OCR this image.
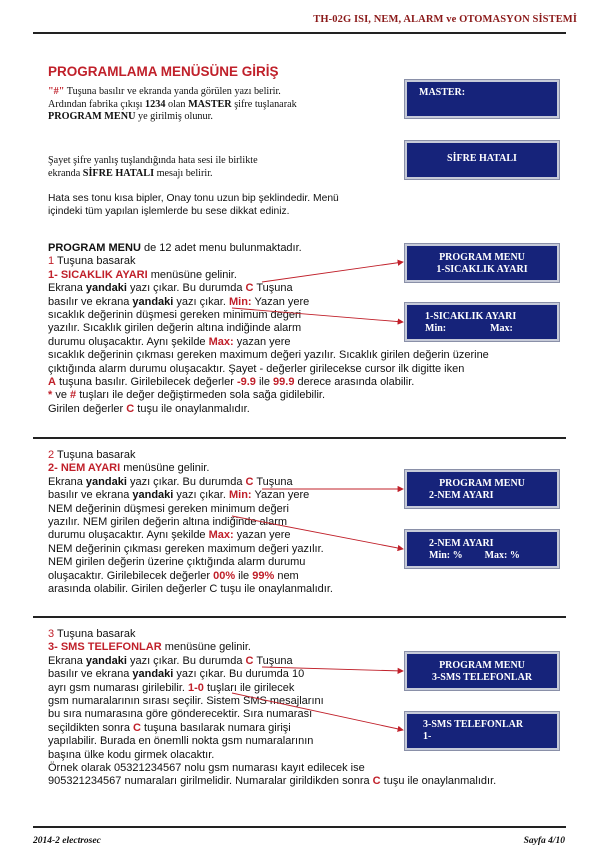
TH-02G ISI, NEM, ALARM ve OTOMASYON SİSTEMİ
PROGRAMLAMA MENÜSÜNE GİRİŞ
"#" Tuşuna basılır ve ekranda yanda görülen yazı belirir.
Ardından fabrika çıkışı 1234 olan MASTER şifre tuşlanarak
PROGRAM MENU ye girilmiş olunur.
Şayet şifre yanlış tuşlandığında hata sesi ile birlikte
ekranda SİFRE HATALI mesajı belirir.
Hata ses tonu kısa bipler, Onay tonu uzun bip şeklindedir. Menü
içindeki tüm yapılan işlemlerde bu sese dikkat ediniz.
MASTER:
SİFRE HATALI
PROGRAM MENU
1-SICAKLIK AYARI
1-SICAKLIK AYARI
Min:	Max:
PROGRAM MENU
2-NEM AYARI
2-NEM AYARI
Min: % Max: %
PROGRAM MENU
3-SMS TELEFONLAR
3-SMS TELEFONLAR
1-
PROGRAM MENU de 12 adet menu bulunmaktadır.
1 Tuşuna basarak
1- SICAKLIK AYARI menüsüne gelinir.
Ekrana yandaki yazı çıkar. Bu durumda C Tuşuna
basılır ve ekrana yandaki yazı çıkar. Min: Yazan yere
sıcaklık değerinin düşmesi gereken minimum değeri
yazılır. Sıcaklık girilen değerin altına indiğinde alarm
durumu oluşacaktır. Aynı şekilde Max: yazan yere
sıcaklık değerinin çıkması gereken maximum değeri yazılır. Sıcaklık girilen değerin üzerine
çıktığında alarm durumu oluşacaktır. Şayet - değerler girilecekse cursor ilk digitte iken
A tuşuna basılır. Girilebilecek değerler -9.9 ile 99.9 derece arasında olabilir.
* ve # tuşları ile değer değiştirmeden sola sağa gidilebilir.
Girilen değerler C tuşu ile onaylanmalıdır.
2 Tuşuna basarak
2- NEM AYARI menüsüne gelinir.
Ekrana yandaki yazı çıkar. Bu durumda C Tuşuna
basılır ve ekrana yandaki yazı çıkar. Min: Yazan yere
NEM değerinin düşmesi gereken minimum değeri
yazılır. NEM girilen değerin altına indiğinde alarm
durumu oluşacaktır. Aynı şekilde Max: yazan yere
NEM değerinin çıkması gereken maximum değeri yazılır.
NEM girilen değerin üzerine çıktığında alarm durumu
oluşacaktır. Girilebilecek değerler 00% ile 99% nem
arasında olabilir. Girilen değerler C tuşu ile onaylanmalıdır.
3 Tuşuna basarak
3- SMS TELEFONLAR menüsüne gelinir.
Ekrana yandaki yazı çıkar. Bu durumda C Tuşuna
basılır ve ekrana yandaki yazı çıkar. Bu durumda 10
ayrı gsm numarası girilebilir. 1-0 tuşları ile girilecek
gsm numaralarının sırası seçilir. Sistem SMS mesajlarını
bu sıra numarasına göre gönderecektir. Sıra numarası
seçildikten sonra C tuşuna basılarak numara girişi
yapılabilir. Burada en önemlli nokta gsm numaralarının
başına ülke kodu girmek olacaktır.
Örnek olarak 05321234567 nolu gsm numarası kayıt edilecek ise
905321234567 numaraları girilmelidir. Numaralar girildikden sonra C tuşu ile onaylanmalıdır.
2014-2 electrosec	Sayfa 4/10
